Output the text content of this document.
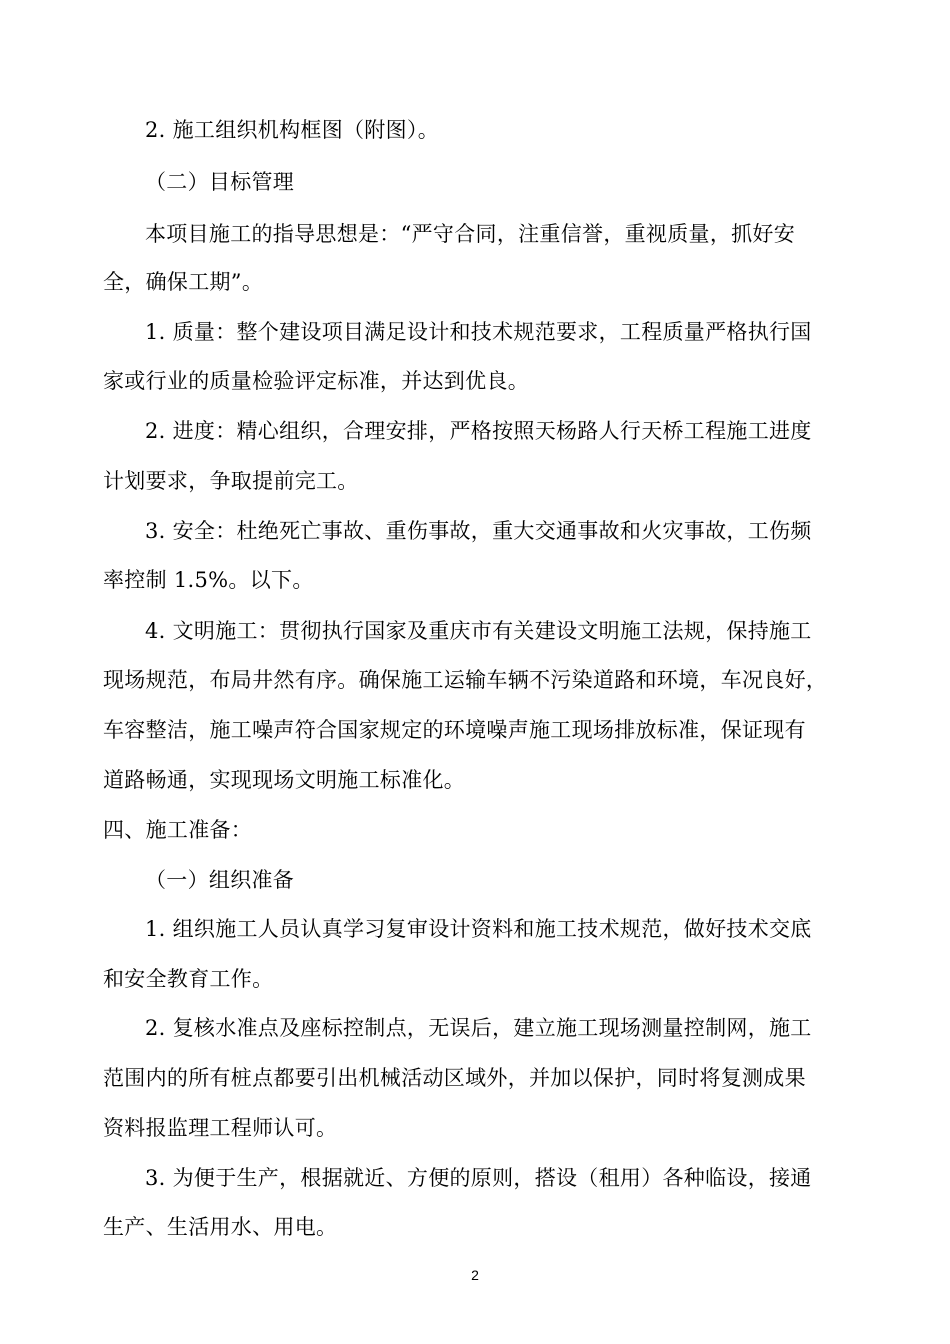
2. 施工组织机构框图（附图）。
（二）目标管理
本项目施工的指导思想是：“严守合同，注重信誉，重视质量，抓好安
全，确保工期”。
1. 质量：整个建设项目满足设计和技术规范要求，工程质量严格执行国
家或行业的质量检验评定标准，并达到优良。
2. 进度：精心组织，合理安排，严格按照天杨路人行天桥工程施工进度
计划要求，争取提前完工。
3. 安全：杜绝死亡事故、重伤事故，重大交通事故和火灾事故，工伤频
率控制 1.5%。以下。
4. 文明施工：贯彻执行国家及重庆市有关建设文明施工法规，保持施工
现场规范，布局井然有序。确保施工运输车辆不污染道路和环境，车况良好，
车容整洁，施工噪声符合国家规定的环境噪声施工现场排放标准，保证现有
道路畅通，实现现场文明施工标准化。
四、施工准备：
（一）组织准备
1. 组织施工人员认真学习复审设计资料和施工技术规范，做好技术交底
和安全教育工作。
2. 复核水准点及座标控制点，无误后，建立施工现场测量控制网，施工
范围内的所有桩点都要引出机械活动区域外，并加以保护，同时将复测成果
资料报监理工程师认可。
3. 为便于生产，根据就近、方便的原则，搭设（租用）各种临设，接通
生产、生活用水、用电。
2
